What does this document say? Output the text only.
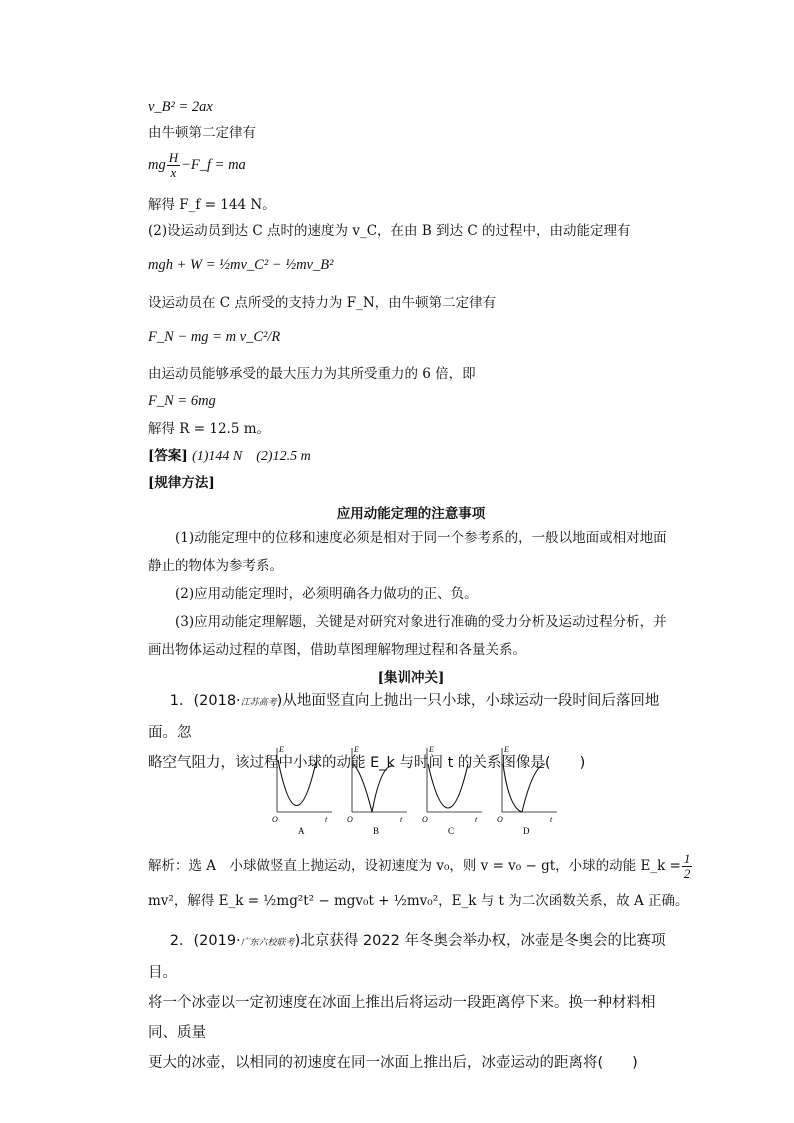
v_B² = 2ax
由牛顿第二定律有
mg $\frac{H}{x}$ −F_f = ma
解得 F_f = 144 N。
(2)设运动员到达 C 点时的速度为 v_C，在由 B 到达 C 的过程中，由动能定理有
mgh + W = ½mv_C² − ½mv_B²
设运动员在 C 点所受的支持力为 F_N，由牛顿第二定律有
F_N − mg = m v_C²/R
由运动员能够承受的最大压力为其所受重力的 6 倍，即
F_N = 6mg
解得 R = 12.5 m。
[答案] (1)144 N　(2)12.5 m
[规律方法]
应用动能定理的注意事项
(1)动能定理中的位移和速度必须是相对于同一个参考系的，一般以地面或相对地面静止的物体为参考系。
(2)应用动能定理时，必须明确各力做功的正、负。
(3)应用动能定理解题，关键是对研究对象进行准确的受力分析及运动过程分析，并画出物体运动过程的草图，借助草图理解物理过程和各量关系。
[集训冲关]
1．(2018·江苏高考)从地面竖直向上抛出一只小球，小球运动一段时间后落回地面。忽
略空气阻力，该过程中小球的动能 E_k 与时间 t 的关系图像是(　　)
E
O	t
A
E
O	t
B
E
O	t
C
E
O	t
D
解析：选 A　小球做竖直上抛运动，设初速度为 v₀，则 v = v₀ − gt，小球的动能 E_k = $\frac{1}{2}$
mv²，解得 E_k = ½mg²t² − mgv₀t + ½mv₀²，E_k 与 t 为二次函数关系，故 A 正确。
2．(2019·广东六校联考)北京获得 2022 年冬奥会举办权，冰壶是冬奥会的比赛项目。
将一个冰壶以一定初速度在冰面上推出后将运动一段距离停下来。换一种材料相同、质量
更大的冰壶，以相同的初速度在同一冰面上推出后，冰壶运动的距离将(　　)
